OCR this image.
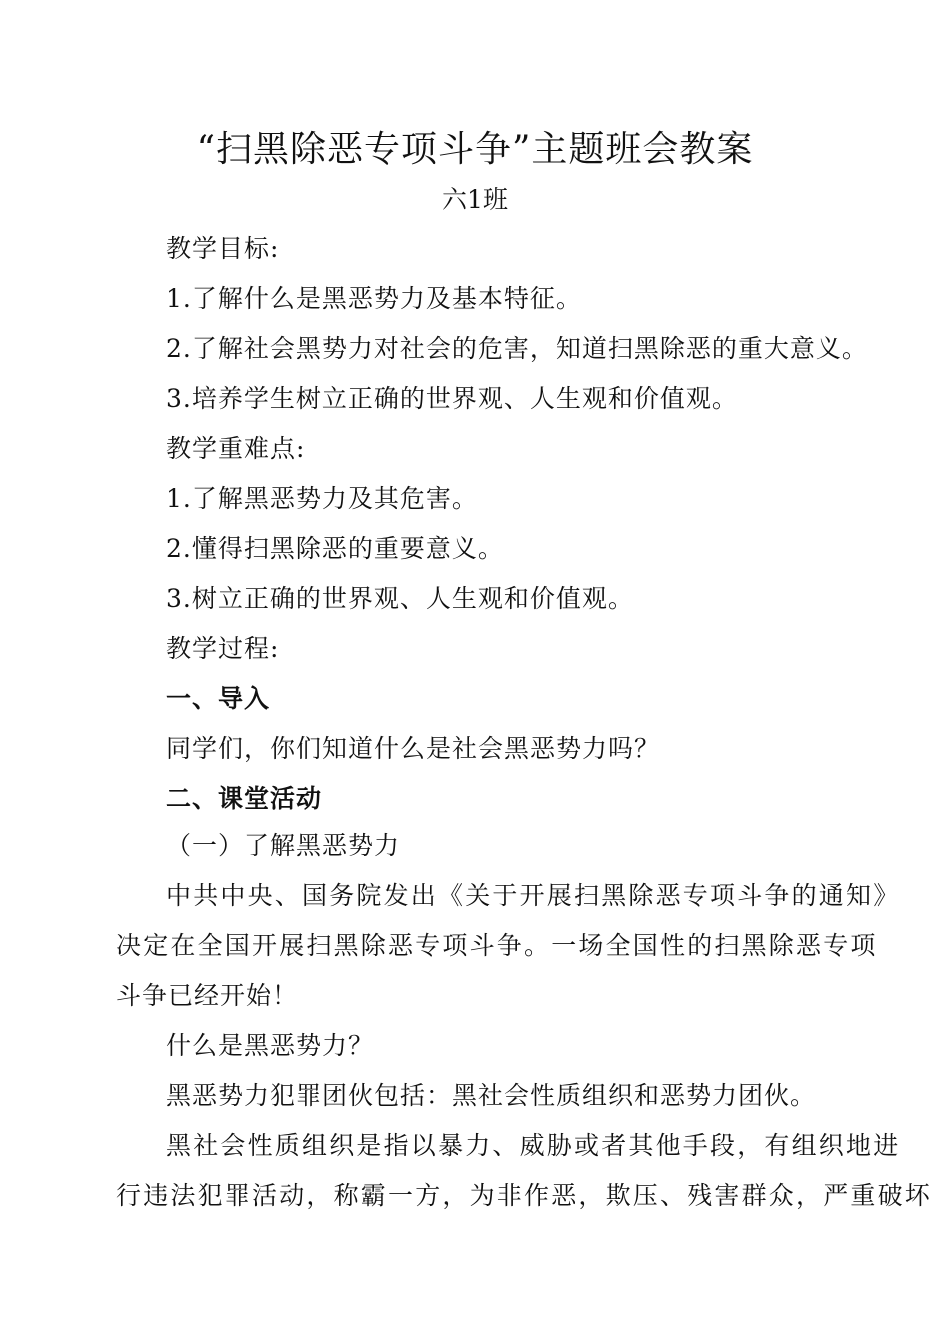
“扫黑除恶专项斗争”主题班会教案
六1班
教学目标:
1.了解什么是黑恶势力及基本特征。
2.了解社会黑势力对社会的危害，知道扫黑除恶的重大意义。
3.培养学生树立正确的世界观、人生观和价值观。
教学重难点:
1.了解黑恶势力及其危害。
2.懂得扫黑除恶的重要意义。
3.树立正确的世界观、人生观和价值观。
教学过程:
一、导入
同学们，你们知道什么是社会黑恶势力吗？
二、课堂活动
（一）了解黑恶势力
中共中央、国务院发出《关于开展扫黑除恶专项斗争的通知》
决定在全国开展扫黑除恶专项斗争。一场全国性的扫黑除恶专项
斗争已经开始！
什么是黑恶势力？
黑恶势力犯罪团伙包括：黑社会性质组织和恶势力团伙。
黑社会性质组织是指以暴力、威胁或者其他手段，有组织地进
行违法犯罪活动，称霸一方，为非作恶，欺压、残害群众，严重破坏
